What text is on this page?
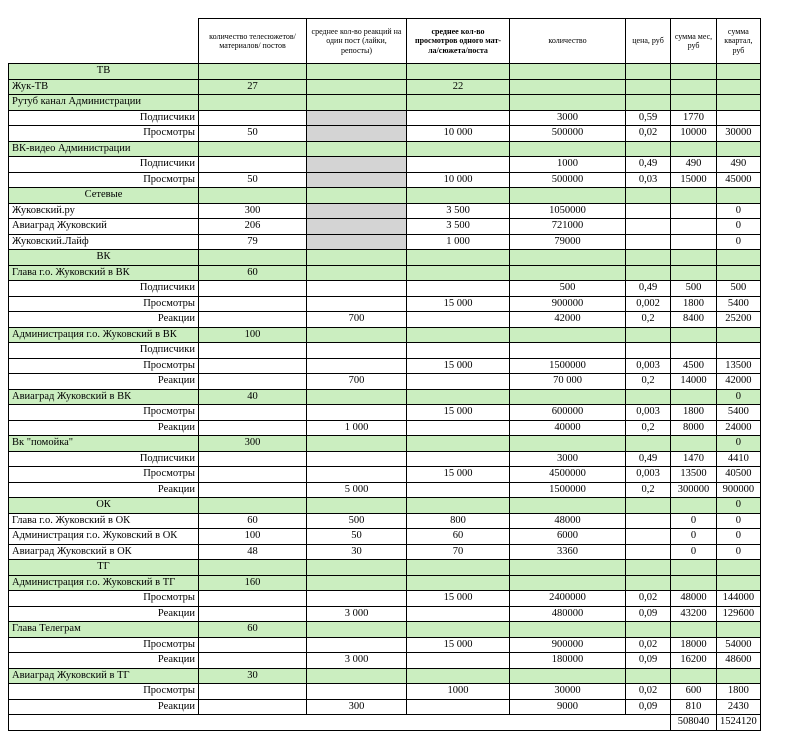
	количество телесюжетов/ материалов/ постов	среднее кол-во реакций на один пост (лайки, репосты)	среднее кол-во просмотров одного мат-ла/сюжета/поста	количество	цена, руб	сумма мес, руб	сумма квартал, руб
ТВ							
Жук-ТВ	27		22				
Рутуб канал Администрации							
Подписчики				3000	0,59	1770	
Просмотры	50		10 000	500000	0,02	10000	30000
ВК-видео Администрации							
Подписчики				1000	0,49	490	490
Просмотры	50		10 000	500000	0,03	15000	45000
Сетевые							
Жуковский.ру	300		3 500	1050000			0
Авиаград Жуковский	206		3 500	721000			0
Жуковский.Лайф	79		1 000	79000			0
ВК							
Глава г.о. Жуковский в ВК	60						
Подписчики				500	0,49	500	500
Просмотры			15 000	900000	0,002	1800	5400
Реакции		700		42000	0,2	8400	25200
Администрация г.о. Жуковский в ВК	100						
Подписчики							
Просмотры			15 000	1500000	0,003	4500	13500
Реакции		700		70 000	0,2	14000	42000
Авиаград Жуковский в ВК	40						0
Просмотры			15 000	600000	0,003	1800	5400
Реакции		1 000		40000	0,2	8000	24000
Вк "помойка"	300						0
Подписчики				3000	0,49	1470	4410
Просмотры			15 000	4500000	0,003	13500	40500
Реакции		5 000		1500000	0,2	300000	900000
ОК							0
Глава г.о. Жуковский в ОК	60	500	800	48000		0	0
Администрация г.о. Жуковский в ОК	100	50	60	6000		0	0
Авиаград Жуковский в ОК	48	30	70	3360		0	0
ТГ							
Администрация г.о. Жуковский в ТГ	160						
Просмотры			15 000	2400000	0,02	48000	144000
Реакции		3 000		480000	0,09	43200	129600
Глава Телеграм	60						
Просмотры			15 000	900000	0,02	18000	54000
Реакции		3 000		180000	0,09	16200	48600
Авиаград Жуковский в ТГ	30						
Просмотры			1000	30000	0,02	600	1800
Реакции		300		9000	0,09	810	2430
						508040	1524120
